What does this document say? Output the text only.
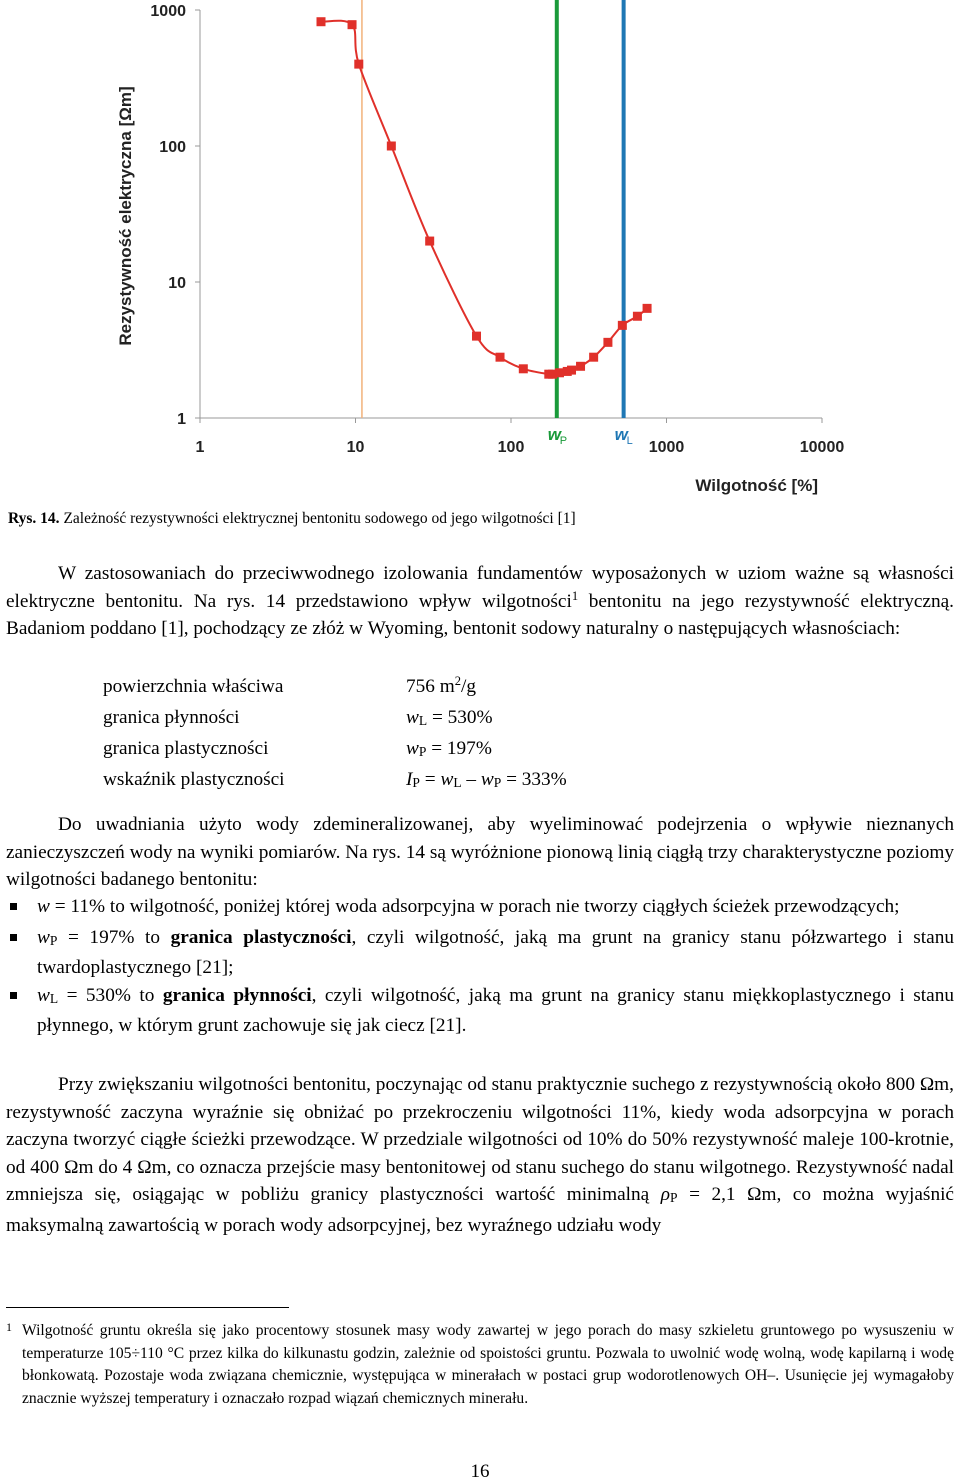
1
10
100
1000
1	10	100	1000	10000
w
P	w
L
Rezystywność elektryczna [Ωm]
Wilgotność [%]
Rys. 14. Zależność rezystywności elektrycznej bentonitu sodowego od jego wilgotności [1]
W zastosowaniach do przeciwwodnego izolowania fundamentów wyposażonych w uziom ważne są własności elektryczne bentonitu. Na rys. 14 przedstawiono wpływ wilgotności$^1$ bentonitu na jego rezystywność elektryczną. Badaniom poddano [1], pochodzący ze złóż w Wyoming, bentonit sodowy naturalny o następujących własnościach:
powierzchnia właściwa	756 $m^2/g$
granica płynności	$w_L = 530\%$
granica plastyczności	$w_P = 197\%$
wskaźnik plastyczności	$I_P = w_L - w_P = 333\%$
Do uwadniania użyto wody zdemineralizowanej, aby wyeliminować podejrzenia o wpływie nieznanych zanieczyszczeń wody na wyniki pomiarów. Na rys. 14 są wyróżnione pionową linią ciągłą trzy charakterystyczne poziomy wilgotności badanego bentonitu:
w = 11% to wilgotność, poniżej której woda adsorpcyjna w porach nie tworzy ciągłych ścieżek przewodzących;
$w_P = 197\%$ to granica plastyczności, czyli wilgotność, jaką ma grunt na granicy stanu półzwartego i stanu twardoplastycznego [21];
$w_L = 530\%$ to granica płynności, czyli wilgotność, jaką ma grunt na granicy stanu miękkoplastycznego i stanu płynnego, w którym grunt zachowuje się jak ciecz [21].
Przy zwiększaniu wilgotności bentonitu, poczynając od stanu praktycznie suchego z rezystywnością około 800 Ωm, rezystywność zaczyna wyraźnie się obniżać po przekroczeniu wilgotności 11%, kiedy woda adsorpcyjna w porach zaczyna tworzyć ciągłe ścieżki przewodzące. W przedziale wilgotności od 10% do 50% rezystywność maleje 100-krotnie, od 400 Ωm do 4 Ωm, co oznacza przejście masy bentonitowej od stanu suchego do stanu wilgotnego. Rezystywność nadal zmniejsza się, osiągając w pobliżu granicy plastyczności wartość minimalną $\rho_P = 2,1$ Ωm, co można wyjaśnić maksymalną zawartością w porach wody adsorpcyjnej, bez wyraźnego udziału wody
1 Wilgotność gruntu określa się jako procentowy stosunek masy wody zawartej w jego porach do masy szkieletu gruntowego po wysuszeniu w temperaturze 105÷110 °C przez kilka do kilkunastu godzin, zależnie od spoistości gruntu. Pozwala to uwolnić wodę wolną, wodę kapilarną i wodę błonkowatą. Pozostaje woda związana chemicznie, występująca w minerałach w postaci grup wodorotlenowych OH–. Usunięcie jej wymagałoby znacznie wyższej temperatury i oznaczało rozpad wiązań chemicznych minerału.
16
